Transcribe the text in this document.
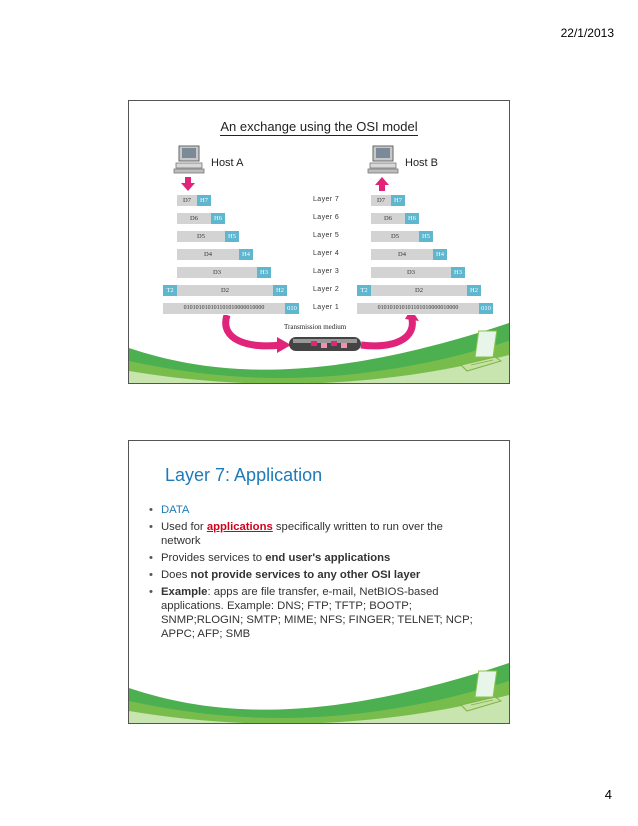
22/1/2013
An exchange using the OSI model
Host A	Host B
Layer 7
Layer 6
Layer 5
Layer 4
Layer 3
Layer 2
Layer 1
D7	H7
D6	H6
D5	H5
D4	H4
D3	H3
T2	D2	H2
010101010101101010000010000	010
D7	H7
D6	H6
D5	H5
D4	H4
D3	H3
T2	D2	H2
010101010101101010000010000	010
Transmission medium
Layer 7: Application
• DATA
• Used for applications specifically written to run over the network
• Provides services to end user's applications
• Does not provide services to any other OSI layer
• Example: apps are file transfer, e-mail, NetBIOS-based applications. Example: DNS; FTP; TFTP; BOOTP; SNMP;RLOGIN; SMTP; MIME; NFS; FINGER; TELNET; NCP; APPC; AFP; SMB
4
